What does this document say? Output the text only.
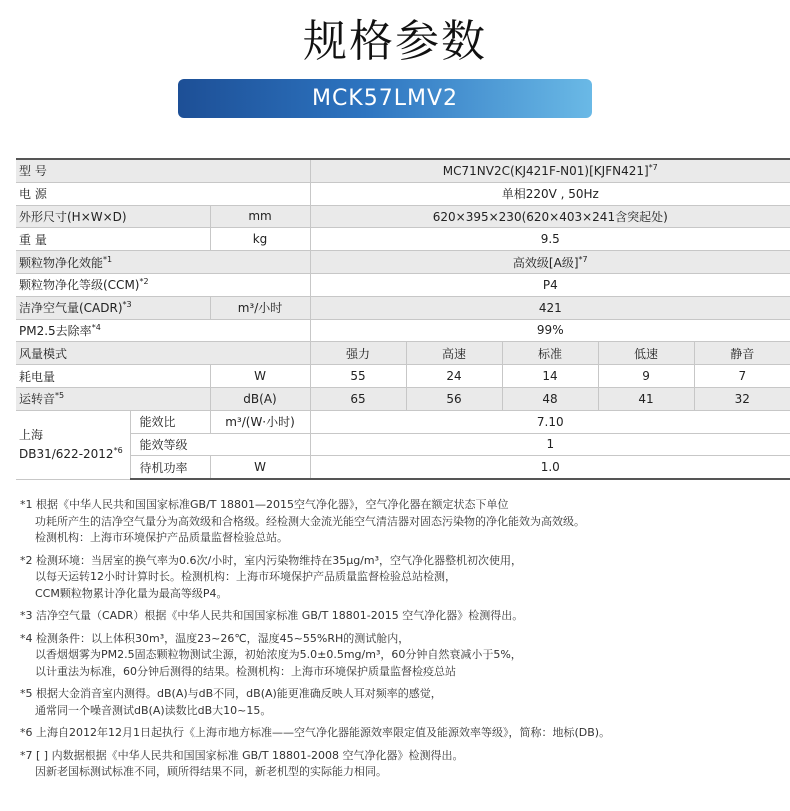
规格参数
MCK57LMV2
型 号			MC71NV2C(KJ421F-N01)[KJFN421]$^{*7}$
电 源			单相220V , 50Hz				
外形尺寸(H×W×D)		mm	620×395×230(620×403×241含突起处)				
重 量		kg	9.5				
颗粒物净化效能$^{*1}$			高效级[A级]$^{*7}$
颗粒物净化等级(CCM)$^{*2}$			P4				
洁净空气量(CADR)$^{*3}$		m³/小时	421				
PM2.5去除率$^{*4}$			99%				
风量模式			强力	高速	标准	低速	静音
耗电量		W	55	24	14	9	7
运转音$^{*5}$		dB(A)	65	56	48	41	32

上海
DB31/622-2012$^{*6}$	能效比	m³/(W·小时)	7.10				
	能效等级		1				
	待机功率	W	1.0				
*1 根据《中华人民共和国国家标准GB/T 18801—2015空气净化器》，空气净化器在额定状态下单位
功耗所产生的洁净空气量分为高效级和合格级。经检测大金流光能空气清洁器对固态污染物的净化能效为高效级。
检测机构：上海市环境保护产品质量监督检验总站。
*2 检测环境：当居室的换气率为0.6次/小时，室内污染物维持在35μg/m³，空气净化器整机初次使用，
以每天运转12小时计算时长。检测机构：上海市环境保护产品质量监督检验总站检测，
CCM颗粒物累计净化量为最高等级P4。
*3 洁净空气量（CADR）根据《中华人民共和国国家标准 GB/T 18801-2015 空气净化器》检测得出。
*4 检测条件：以上体积30m³，温度23~26℃，湿度45~55%RH的测试舱内，
以香烟烟雾为PM2.5固态颗粒物测试尘源，初始浓度为5.0±0.5mg/m³，60分钟自然衰减小于5%，
以计重法为标准，60分钟后测得的结果。检测机构：上海市环境保护质量监督检疫总站
*5 根据大金消音室内测得。dB(A)与dB不同，dB(A)能更准确反映人耳对频率的感觉，
通常同一个噪音测试dB(A)读数比dB大10~15。
*6 上海自2012年12月1日起执行《上海市地方标准——空气净化器能源效率限定值及能源效率等级》，简称：地标(DB)。
*7 [ ] 内数据根据《中华人民共和国国家标准 GB/T 18801-2008 空气净化器》检测得出。
因新老国标测试标准不同，顾所得结果不同，新老机型的实际能力相同。
